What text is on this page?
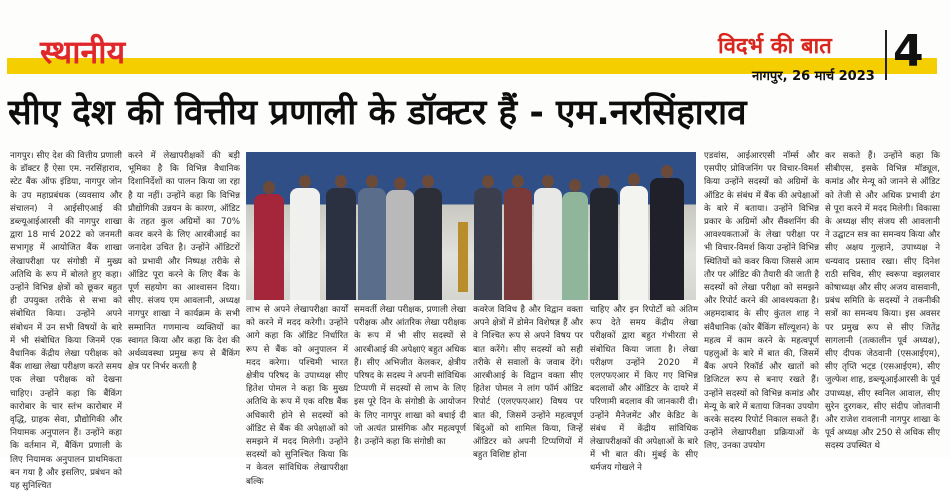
स्थानीय	विदर्भ की बात
नागपुर, 26 मार्च 2023 4
सीए देश की वित्तीय प्रणाली के डॉक्टर हैं - एम.नरसिंहाराव

नागपुर। सीए देश की वित्तीय प्रणाली के डॉक्टर हैं ऐसा एम. नरसिंहाराव, स्टेट बैंक ऑफ इंडिया, नागपुर जोन के उप महाप्रबंधक (व्यवसाय और संचालन) ने आईसीएआई की डब्ल्यूआईआरसी की नागपुर शाखा द्वारा 18 मार्च 2022 को जनमती सभागृह में आयोजित बैंक शाखा लेखापरीक्षा पर संगोष्ठी में मुख्य अतिथि के रूप में बोलते हुए कहा। उन्होंने विभिन्न क्षेत्रों को छूकर बहुत ही उपयुक्त तरीके से सभा को संबोधित किया। उन्होंने अपने संबोधन में उन सभी विषयों के बारे में भी संबोधित किया जिनमें एक वैधानिक केंद्रीय लेखा परीक्षक को बैंक शाखा लेखा परीक्षण करते समय एक लेखा परीक्षक को देखना चाहिए। उन्होंने कहा कि बैंकिंग कारोबार के चार स्तंभ कारोबार में वृद्धि, ग्राहक सेवा, प्रौद्योगिकी और नियामक अनुपालन हैं। उन्होंने कहा कि वर्तमान में, बैंकिंग प्रणाली के लिए नियामक अनुपालन प्राथमिकता बन गया है और इसलिए, प्रबंधन को यह सुनिश्चित

करने में लेखापरीक्षकों की बड़ी भूमिका है कि विभिन्न वैधानिक दिशानिर्देशों का पालन किया जा रहा है या नहीं। उन्होंने कहा कि विभिन्न प्रौद्योगिकी उन्नयन के कारण, ऑडिट के तहत कुल अग्रिमों का 70% कवर करने के लिए आरबीआई का जनादेश उचित है। उन्होंने ऑडिटरों को प्रभावी और निष्पक्ष तरीके से ऑडिट पूरा करने के लिए बैंक के पूर्ण सहयोग का आश्वासन दिया। सीए. संजय एम आवलानी, अध्यक्ष नागपुर शाखा ने कार्यक्रम के सभी सम्मानित गणमान्य व्यक्तियों का स्वागत किया और कहा कि देश की अर्थव्यवस्था प्रमुख रूप से बैंकिंग क्षेत्र पर निर्भर करती है

लाभ से अपने लेखापरीक्षा कार्यों को करने में मदद करेगी। उन्होंने आगे कहा कि ऑडिट निर्धारित रूप से बैंक को अनुपालन में मदद करेगा। पश्चिमी भारत क्षेत्रीय परिषद के उपाध्यक्ष सीए हितेश पोमल ने कहा कि मुख्य अतिथि के रूप में एक वरिष्ठ बैंक अधिकारी होने से सदस्यों को ऑडिट से बैंक की अपेक्षाओं को समझने में मदद मिलेगी। उन्होंने सदस्यों को सुनिश्चित किया कि न केवल सांविधिक लेखापरीक्षा बल्कि

समवर्ती लेखा परीक्षक, प्रणाली लेखा परीक्षक और आंतरिक लेखा परीक्षक के रूप में भी सीए सदस्यों से आरबीआई की अपेक्षाएं बहुत अधिक हैं। सीए अभिजीत केलकर, क्षेत्रीय परिषद के सदस्य ने अपनी सांविधिक टिप्पणी में सदस्यों से लाभ के लिए इस पूरे दिन के संगोष्ठी के आयोजन के लिए नागपुर शाखा को बधाई दी जो अत्यंत प्रासंगिक और महत्वपूर्ण है। उन्होंने कहा कि संगोष्ठी का

कवरेज विविध है और विद्वान वक्ता अपने क्षेत्रों में डोमेन विशेषज्ञ हैं और वे निश्चित रूप से अपने विषय पर बात करेंगे। सीए सदस्यों को सही तरीके से सवालों के जवाब देंगे। आरबीआई के विद्वान वक्ता सीए हितेश पोमल ने लांग फॉर्म ऑडिट रिपोर्ट (एलएफएआर) विषय पर बात की, जिसमें उन्होंने महत्वपूर्ण बिंदुओं को शामिल किया, जिन्हें ऑडिटर को अपनी टिप्पणियों में बहुत विशिष्ट होना

चाहिए और इन रिपोर्टों को अंतिम रूप देते समय केंद्रीय लेखा परीक्षकों द्वारा बहुत गंभीरता से संबोधित किया जाता है। लेखा परीक्षण उन्होंने 2020 में एलएफएआर में किए गए विभिन्न बदलावों और ऑडिटर के दायरे में परिणामी बदलाव की जानकारी दी। उन्होंने मैनेजमेंट और केडिट के संबंध में केंद्रीय सांविधिक लेखापरीक्षकों की अपेक्षाओं के बारे में भी बात की। मुंबई के सीए धर्मजय गोखले ने

एडवांस, आईआरएसी नॉर्म्स और एसपीए प्रोविजनिंग पर विचार-विमर्श किया उन्होंने सदस्यों को अग्रिमों के ऑडिट के संबंध में बैंक की अपेक्षाओं के बारे में बताया। उन्होंने विभिन्न प्रकार के अग्रिमों और सैंक्शनिंग की आवश्यकताओं के लेखा परीक्षा पर भी विचार-विमर्श किया उन्होंने विभिन्न स्थितियों को कवर किया जिससे आम तौर पर ऑडिट की तैयारी की जाती है सदस्यों को लेखा परीक्षा को समझने और रिपोर्ट करने की आवश्यकता है। अहमदाबाद के सीए कुंतल शाह ने संवैधानिक (कोर बैंकिंग सॉल्यूशन) के महत्व में काम करने के महत्वपूर्ण पहलुओं के बारे में बात की, जिसमें बैंक अपने रिकॉर्ड और खातों को डिजिटल रूप से बनाए रखते हैं। उन्होंने सदस्यों को विभिन्न कमांड और मेन्यू के बारे में बताया जिनका उपयोग करके सदस्य रिपोर्ट निकाल सकते हैं। उन्होंने लेखापरीक्षा प्रक्रियाओं के लिए, उनका उपयोग

कर सकते हैं। उन्होंने कहा कि सीबीएस, इसके विभिन्न मॉड्यूल, कमांड और मेन्यू को जानने से ऑडिट को तेजी से और अधिक प्रभावी ढंग से पूरा करने में मदद मिलेगी। विकासा के अध्यक्ष सीए संजय सी आवलानी ने उद्घाटन सत्र का समन्वय किया और सीए अक्षय गुल्हाने, उपाध्यक्ष ने धन्यवाद प्रस्ताव रखा। सीए दिनेश राठी सचिव, सीए स्वरूपा वझलवार कोषाध्यक्ष और सीए अजय वासवानी, प्रबंध समिति के सदस्यों ने तकनीकी सत्रों का समन्वय किया। इस अवसर पर प्रमुख रूप से सीए जितेंद्र सागलानी (तत्कालीन पूर्व अध्यक्ष), सीए दीपक जेठवानी (एसआईएम), सीए तृप्ति भट्ड (एसआईएम), सीए जुल्फेश शाह, डब्ल्यूआईआरसी के पूर्व उपाध्यक्ष, सीए स्वनिल आवाल, सीए सुरेन दुरगकर, सीए संदीप जोतवानी और राजेश रावलानी नागपुर शाखा के पूर्व अध्यक्ष और 250 से अधिक सीए सदस्य उपस्थित थे
